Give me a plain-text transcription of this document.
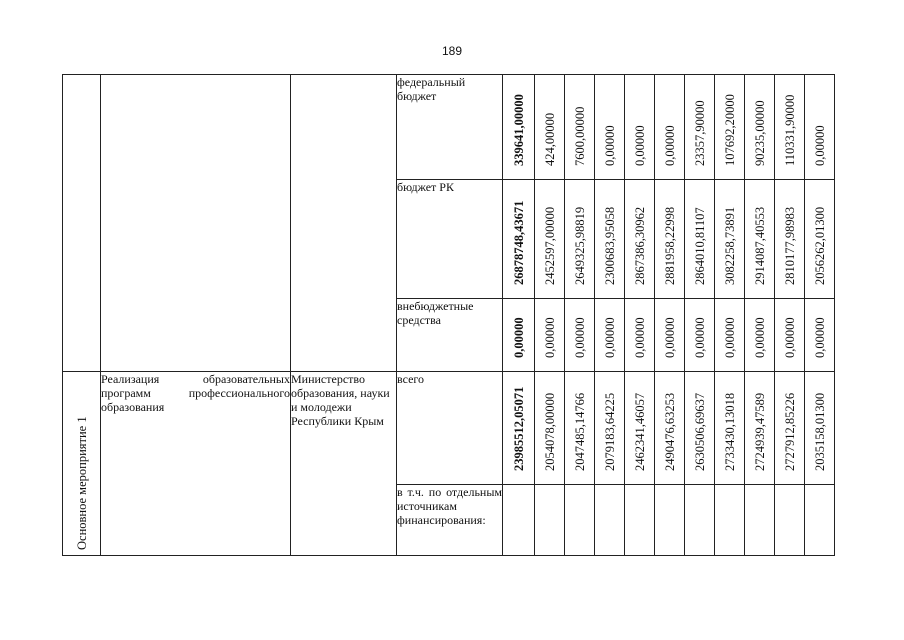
189
			федеральный бюджет	339641,00000	424,00000	7600,00000	0,00000	0,00000	0,00000	23357,90000	107692,20000	90235,00000	110331,90000	0,00000

			бюджет РК	26878748,43671	2452597,00000	2649325,98819	2300683,95058	2867386,30962	2881958,22998	2864010,81107	3082258,73891	2914087,40553	2810177,98983	2056262,01300

			внебюджетные средства	0,00000	0,00000	0,00000	0,00000	0,00000	0,00000	0,00000	0,00000	0,00000	0,00000	0,00000

Основное мероприятие 1	Реализация образовательных программ профессионального образования	Министерство образования, науки и молодежи Республики Крым	всего	23985512,05071	2054078,00000	2047485,14766	2079183,64225	2462341,46057	2490476,63253	2630506,69637	2733430,13018	2724939,47589	2727912,85226	2035158,01300

			в т.ч. по отдельным источникам финансирования:	
